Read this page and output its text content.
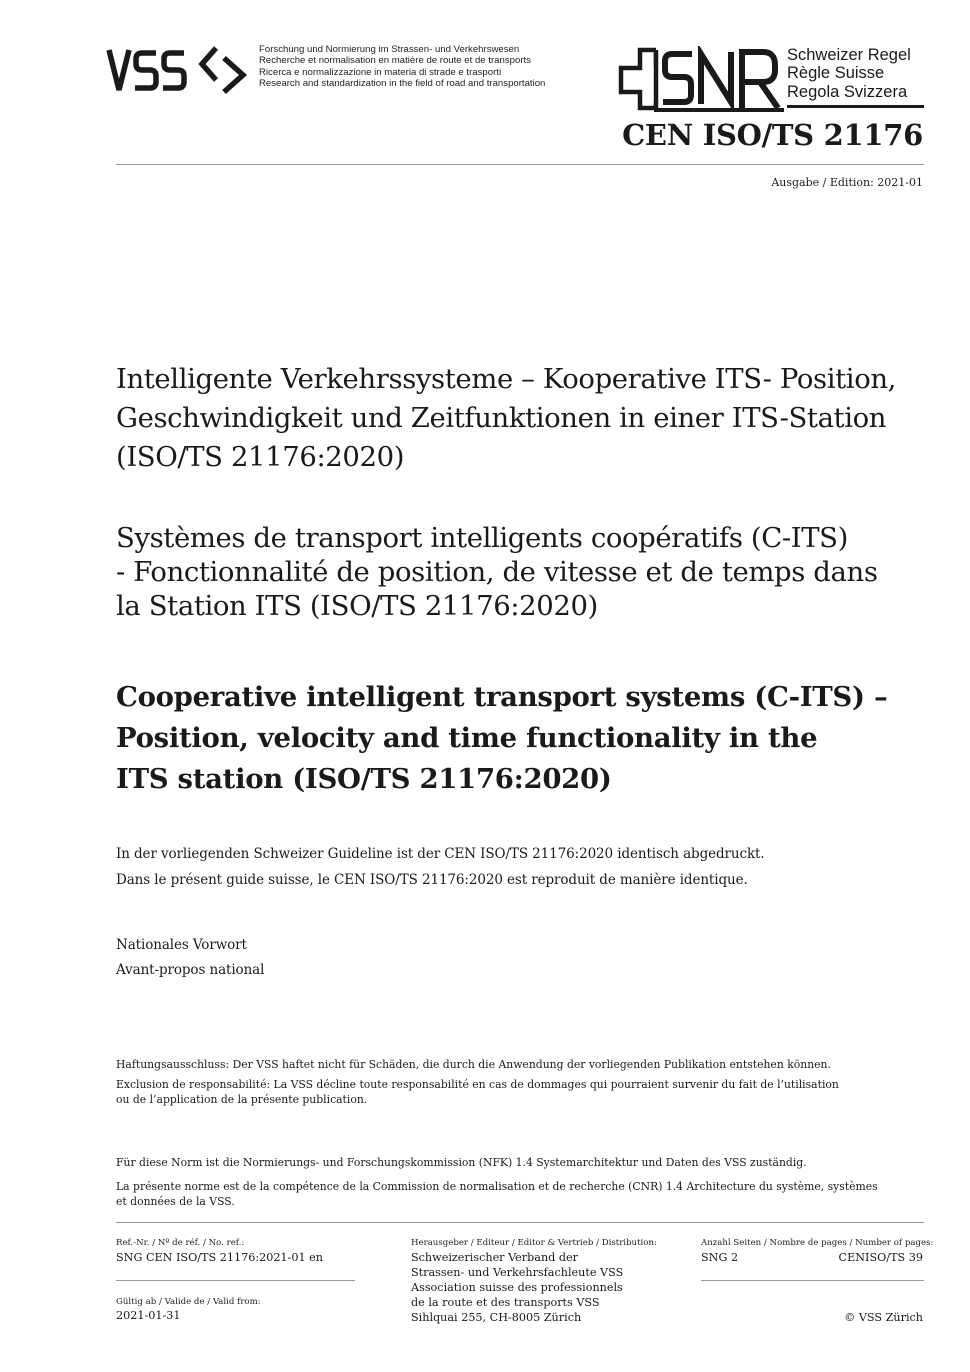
Forschung und Normierung im Strassen- und Verkehrswesen
Recherche et normalisation en matière de route et de transports
Ricerca e normalizzazione in materia di strade e trasporti
Research and standardization in the field of road and transportation
Schweizer Regel
Règle Suisse
Regola Svizzera
CEN ISO/TS 21176
Ausgabe / Edition: 2021-01
Intelligente Verkehrssysteme – Kooperative ITS- Position,
Geschwindigkeit und Zeitfunktionen in einer ITS-Station
(ISO/TS 21176:2020)
Systèmes de transport intelligents coopératifs (C-ITS)
- Fonctionnalité de position, de vitesse et de temps dans
la Station ITS (ISO/TS 21176:2020)
Cooperative intelligent transport systems (C-ITS) –
Position, velocity and time functionality in the
ITS station (ISO/TS 21176:2020)
In der vorliegenden Schweizer Guideline ist der CEN ISO/TS 21176:2020 identisch abgedruckt.
Dans le présent guide suisse, le CEN ISO/TS 21176:2020 est reproduit de manière identique.
Nationales Vorwort
Avant-propos national
Haftungsausschluss: Der VSS haftet nicht für Schäden, die durch die Anwendung der vorliegenden Publikation entstehen können.
Exclusion de responsabilité: La VSS décline toute responsabilité en cas de dommages qui pourraient survenir du fait de l’utilisation
ou de l’application de la présente publication.
Für diese Norm ist die Normierungs- und Forschungskommission (NFK) 1.4 Systemarchitektur und Daten des VSS zuständig.
La présente norme est de la compétence de la Commission de normalisation et de recherche (CNR) 1.4 Architecture du système, systèmes
et données de la VSS.
Ref.-Nr. / Nº de réf. / No. ref.:
SNG CEN ISO/TS 21176:2021-01 en
Gültig ab / Valide de / Valid from:
2021-01-31
Herausgeber / Editeur / Editor & Vertrieb / Distribution:
Schweizerischer Verband der
Strassen- und Verkehrsfachleute VSS
Association suisse des professionnels
de la route et des transports VSS
Sihlquai 255, CH-8005 Zürich
Anzahl Seiten / Nombre de pages / Number of pages:
SNG 2	CENISO/TS 39
© VSS Zürich
